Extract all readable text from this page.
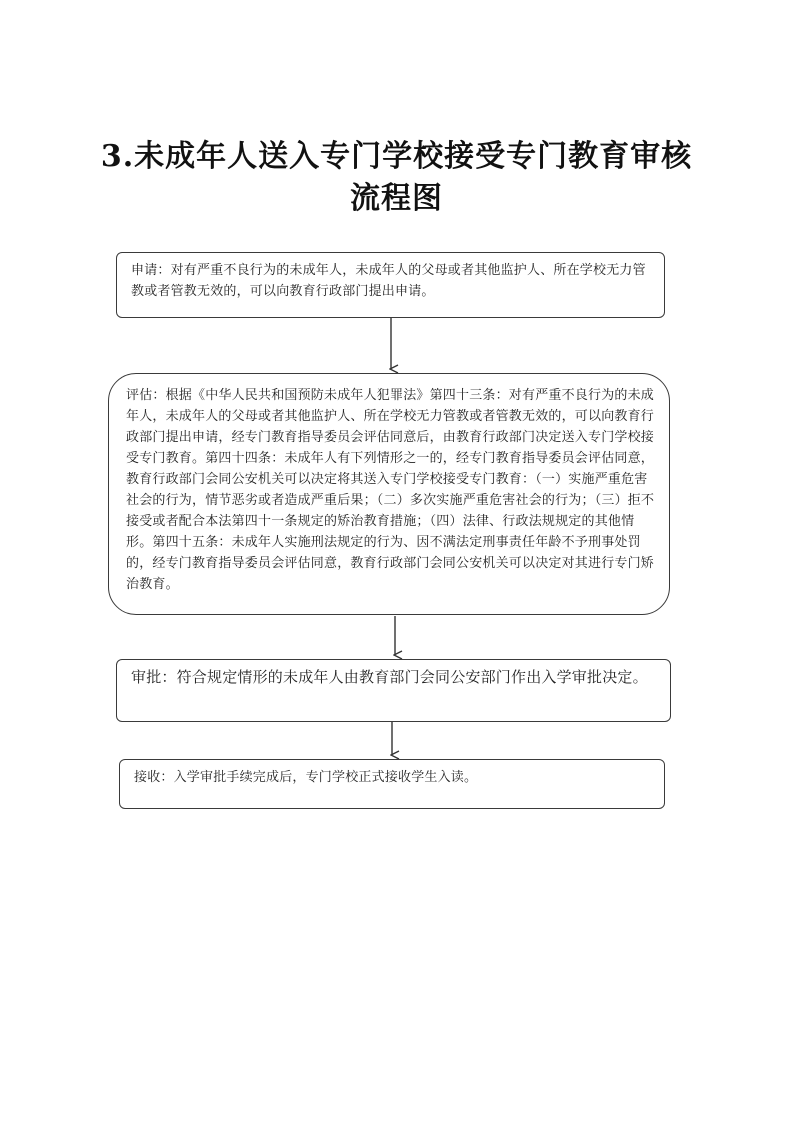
3.未成年人送入专门学校接受专门教育审核
流程图
申请：对有严重不良行为的未成年人，未成年人的父母或者其他监护人、所在学校无力管教或者管教无效的，可以向教育行政部门提出申请。
评估：根据《中华人民共和国预防未成年人犯罪法》第四十三条：对有严重不良行为的未成年人，未成年人的父母或者其他监护人、所在学校无力管教或者管教无效的，可以向教育行政部门提出申请，经专门教育指导委员会评估同意后，由教育行政部门决定送入专门学校接受专门教育。第四十四条：未成年人有下列情形之一的，经专门教育指导委员会评估同意，教育行政部门会同公安机关可以决定将其送入专门学校接受专门教育：（一）实施严重危害社会的行为，情节恶劣或者造成严重后果；（二）多次实施严重危害社会的行为；（三）拒不接受或者配合本法第四十一条规定的矫治教育措施；（四）法律、行政法规规定的其他情形。第四十五条：未成年人实施刑法规定的行为、因不满法定刑事责任年龄不予刑事处罚的，经专门教育指导委员会评估同意，教育行政部门会同公安机关可以决定对其进行专门矫治教育。
审批：符合规定情形的未成年人由教育部门会同公安部门作出入学审批决定。
接收：入学审批手续完成后，专门学校正式接收学生入读。
